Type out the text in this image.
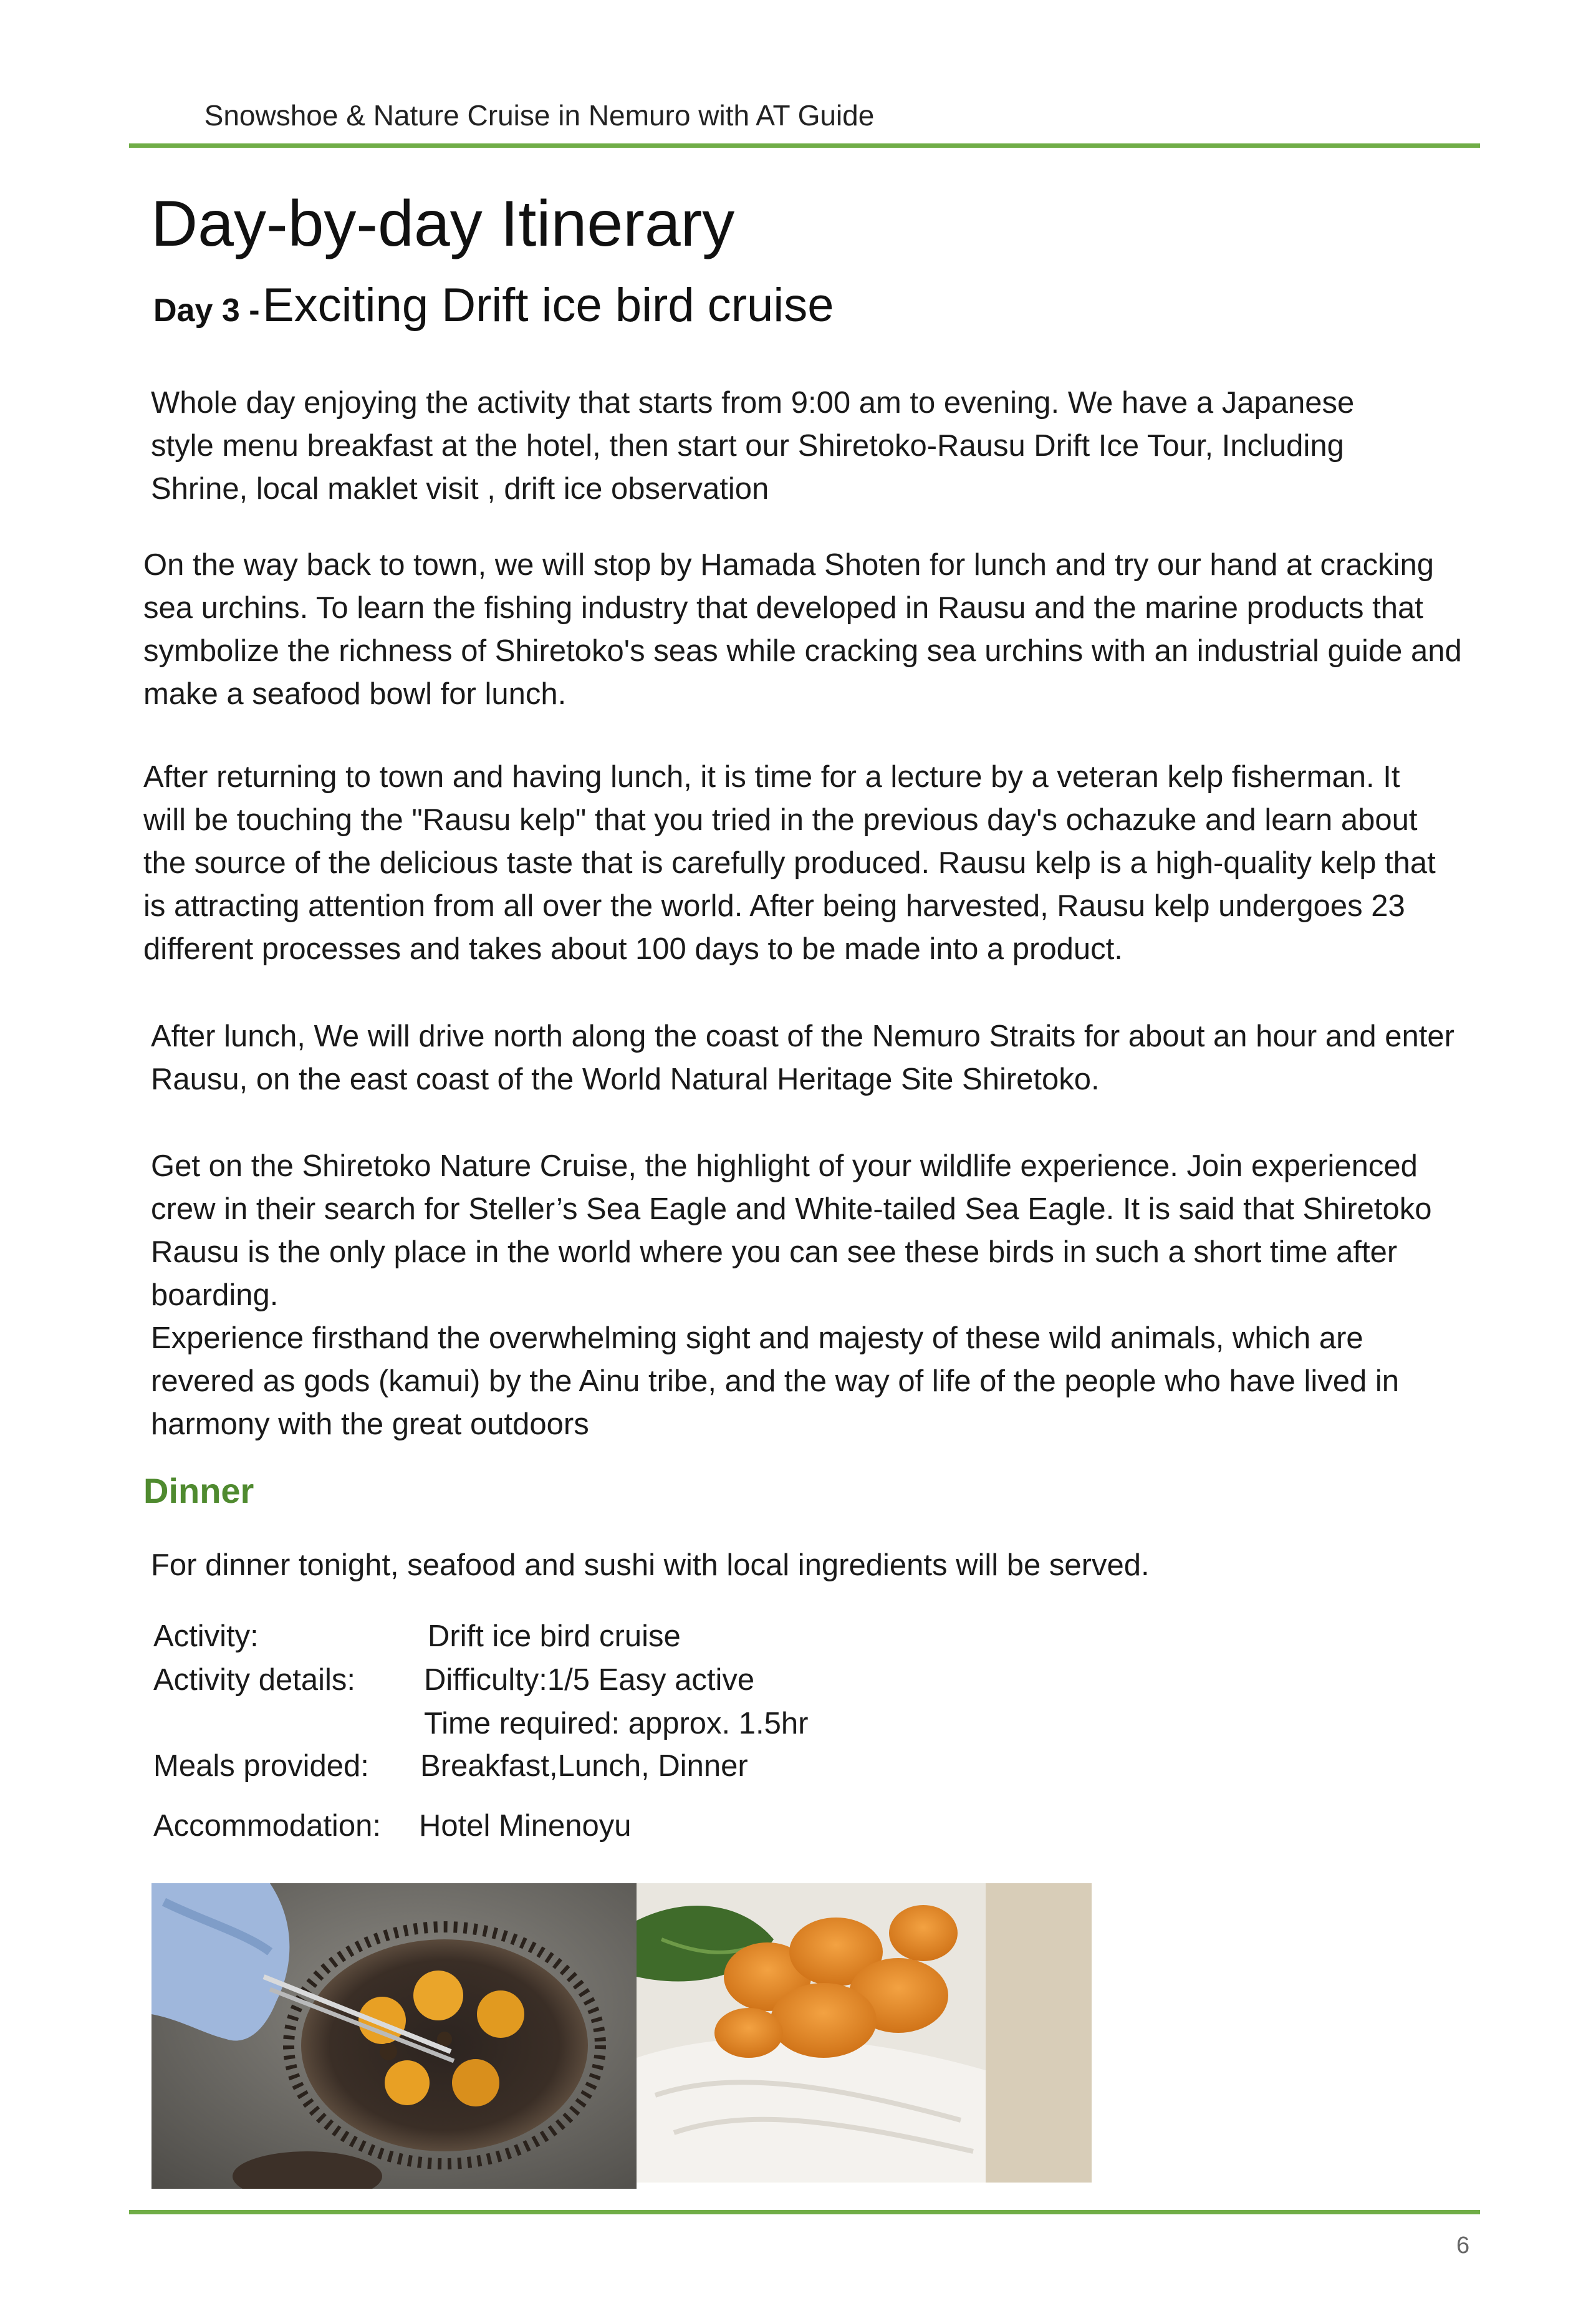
Snowshoe & Nature Cruise in Nemuro with AT Guide
Day-by-day Itinerary
Day 3 - Exciting Drift ice bird cruise
Whole day enjoying the activity that starts from 9:00 am to evening. We have a Japanese
style menu breakfast at the hotel, then start our Shiretoko-Rausu Drift Ice Tour, Including
Shrine, local maklet visit , drift ice observation
On the way back to town, we will stop by Hamada Shoten for lunch and try our hand at cracking
sea urchins. To learn the fishing industry that developed in Rausu and the marine products that
symbolize the richness of Shiretoko's seas while cracking sea urchins with an industrial guide and
make a seafood bowl for lunch.
After returning to town and having lunch, it is time for a lecture by a veteran kelp fisherman. It
will be touching the "Rausu kelp" that you tried in the previous day's ochazuke and learn about
the source of the delicious taste that is carefully produced. Rausu kelp is a high-quality kelp that
is attracting attention from all over the world. After being harvested, Rausu kelp undergoes 23
different processes and takes about 100 days to be made into a product.
After lunch, We will drive north along the coast of the Nemuro Straits for about an hour and enter
Rausu, on the east coast of the World Natural Heritage Site Shiretoko.
Get on the Shiretoko Nature Cruise, the highlight of your wildlife experience. Join experienced
crew in their search for Steller’s Sea Eagle and White-tailed Sea Eagle. It is said that Shiretoko
Rausu is the only place in the world where you can see these birds in such a short time after
boarding.
Experience firsthand the overwhelming sight and majesty of these wild animals, which are
revered as gods (kamui) by the Ainu tribe, and the way of life of the people who have lived in
harmony with the great outdoors
Dinner
For dinner tonight, seafood and sushi with local ingredients will be served.
Activity:	Drift ice bird cruise
Activity details: Difficulty:1/5 Easy active
Time required: approx. 1.5hr
Meals provided: Breakfast,Lunch, Dinner
Accommodation: Hotel Minenoyu
6
